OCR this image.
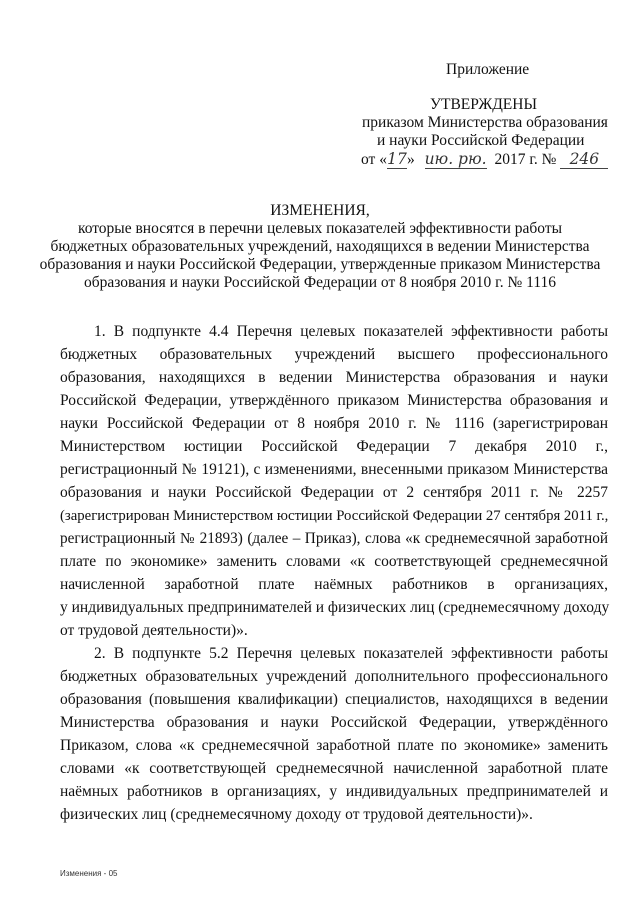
Приложение
УТВЕРЖДЕНЫ
приказом Министерства образования
и науки Российской Федерации
от «17» ию. рю. 2017 г. № 246
ИЗМЕНЕНИЯ,
которые вносятся в перечни целевых показателей эффективности работы
бюджетных образовательных учреждений, находящихся в ведении Министерства
образования и науки Российской Федерации, утвержденные приказом Министерства
образования и науки Российской Федерации от 8 ноября 2010 г. № 1116
1. В подпункте 4.4 Перечня целевых показателей эффективности работы
бюджетных образовательных учреждений высшего профессионального
образования, находящихся в ведении Министерства образования и науки
Российской Федерации, утверждённого приказом Министерства образования и
науки Российской Федерации от 8 ноября 2010 г. № 1116 (зарегистрирован
Министерством юстиции Российской Федерации 7 декабря 2010 г.,
регистрационный № 19121), с изменениями, внесенными приказом Министерства
образования и науки Российской Федерации от 2 сентября 2011 г. № 2257
(зарегистрирован Министерством юстиции Российской Федерации 27 сентября 2011 г.,
регистрационный № 21893) (далее – Приказ), слова «к среднемесячной заработной
плате по экономике» заменить словами «к соответствующей среднемесячной
начисленной заработной плате наёмных работников в организациях,
у индивидуальных предпринимателей и физических лиц (среднемесячному доходу
от трудовой деятельности)».
2. В подпункте 5.2 Перечня целевых показателей эффективности работы
бюджетных образовательных учреждений дополнительного профессионального
образования (повышения квалификации) специалистов, находящихся в ведении
Министерства образования и науки Российской Федерации, утверждённого
Приказом, слова «к среднемесячной заработной плате по экономике» заменить
словами «к соответствующей среднемесячной начисленной заработной плате
наёмных работников в организациях, у индивидуальных предпринимателей и
физических лиц (среднемесячному доходу от трудовой деятельности)».
Изменения - 05
